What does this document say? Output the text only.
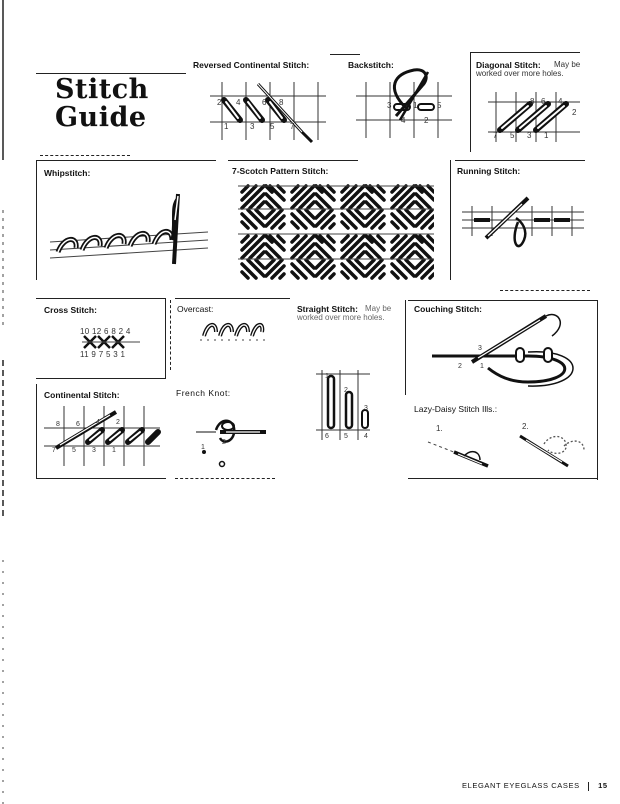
Stitch
Guide
Reversed Continental Stitch:
2 4	6 8
1	3 5 7
Backstitch:
3	1 5
4 2
Diagonal Stitch:	May be worked over more holes.
8 6 4
2
7 5 3 1
Whipstitch:	7-Scotch Pattern Stitch:	Running Stitch:
Cross Stitch:
10 12 6 8 2 4
11 9 7 5 3 1
Overcast:	Straight Stitch: May be worked over more holes.
1
2
3
6 5 4
Couching Stitch:
3
2	1
Continental Stitch:
8 6 4 2
7 5 3 1
French Knot:
1
2
Lazy-Daisy Stitch Ills.:
1.	2.
ELEGANT EYEGLASS CASES 15
